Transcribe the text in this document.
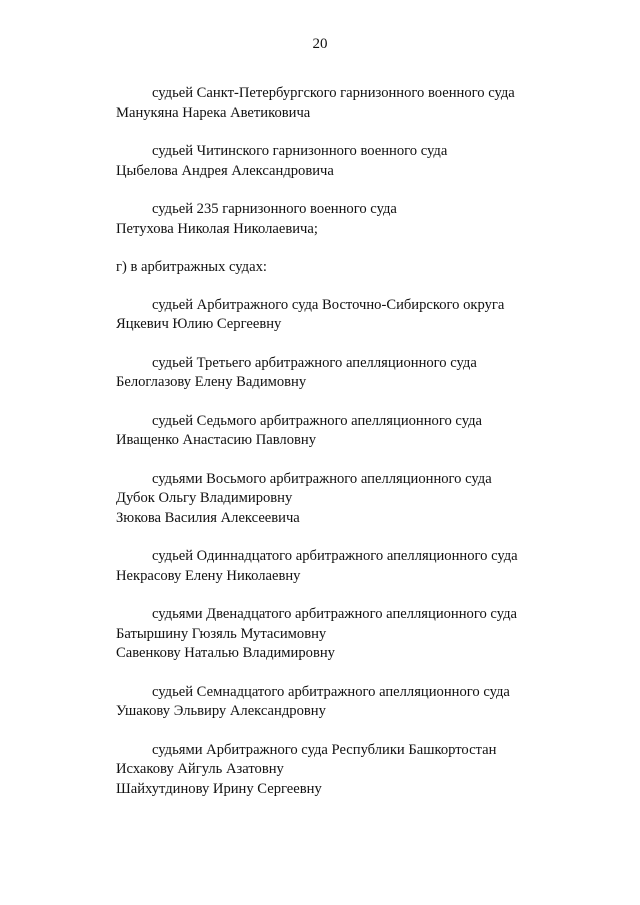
20
судьей Санкт-Петербургского гарнизонного военного суда
Манукяна Нарека Аветиковича
судьей Читинского гарнизонного военного суда
Цыбелова Андрея Александровича
судьей 235 гарнизонного военного суда
Петухова Николая Николаевича;
г) в арбитражных судах:
судьей Арбитражного суда Восточно-Сибирского округа
Яцкевич Юлию Сергеевну
судьей Третьего арбитражного апелляционного суда
Белоглазову Елену Вадимовну
судьей Седьмого арбитражного апелляционного суда
Иващенко Анастасию Павловну
судьями Восьмого арбитражного апелляционного суда
Дубок Ольгу Владимировну
Зюкова Василия Алексеевича
судьей Одиннадцатого арбитражного апелляционного суда
Некрасову Елену Николаевну
судьями Двенадцатого арбитражного апелляционного суда
Батыршину Гюзяль Мутасимовну
Савенкову Наталью Владимировну
судьей Семнадцатого арбитражного апелляционного суда
Ушакову Эльвиру Александровну
судьями Арбитражного суда Республики Башкортостан
Исхакову Айгуль Азатовну
Шайхутдинову Ирину Сергеевну
